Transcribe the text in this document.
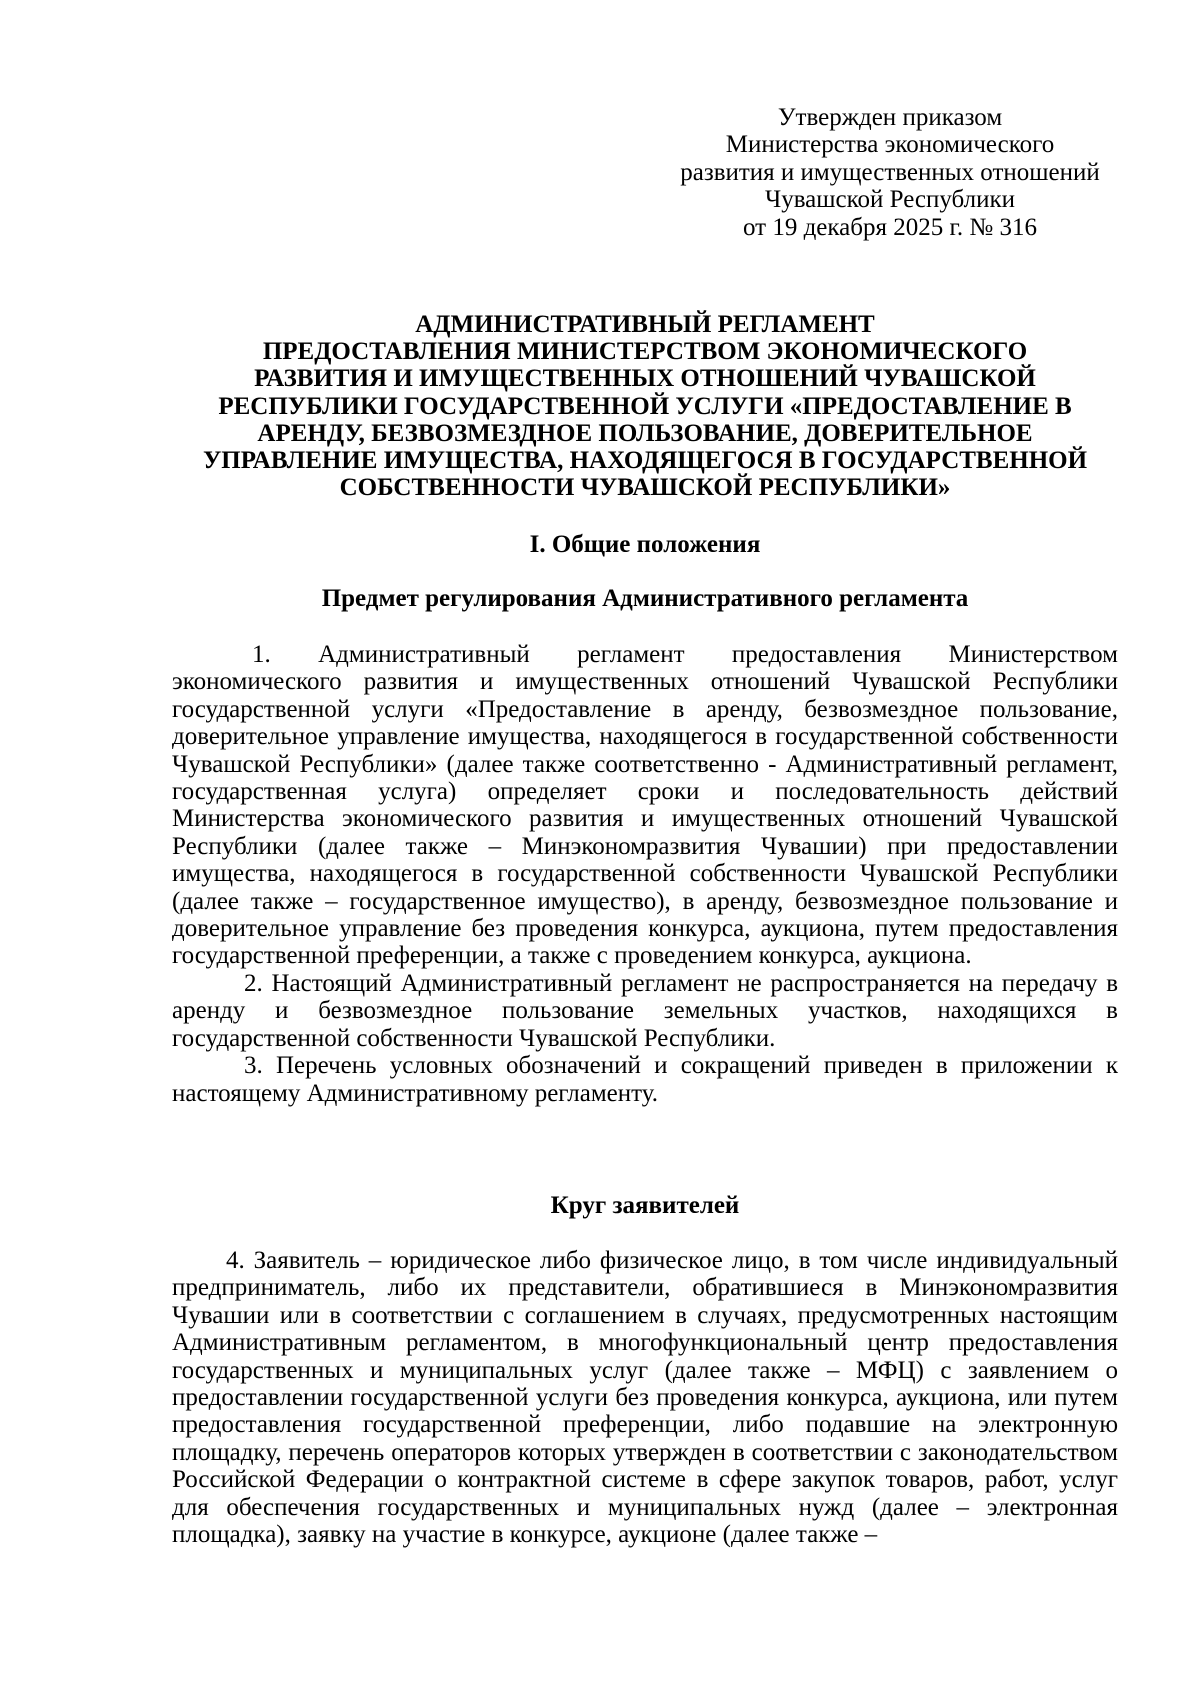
Утвержден приказом
Министерства экономического
развития и имущественных отношений
Чувашской Республики
от 19 декабря 2025 г. № 316
АДМИНИСТРАТИВНЫЙ РЕГЛАМЕНТ
ПРЕДОСТАВЛЕНИЯ МИНИСТЕРСТВОМ ЭКОНОМИЧЕСКОГО
РАЗВИТИЯ И ИМУЩЕСТВЕННЫХ ОТНОШЕНИЙ ЧУВАШСКОЙ
РЕСПУБЛИКИ ГОСУДАРСТВЕННОЙ УСЛУГИ «ПРЕДОСТАВЛЕНИЕ В
АРЕНДУ, БЕЗВОЗМЕЗДНОЕ ПОЛЬЗОВАНИЕ, ДОВЕРИТЕЛЬНОЕ
УПРАВЛЕНИЕ ИМУЩЕСТВА, НАХОДЯЩЕГОСЯ В ГОСУДАРСТВЕННОЙ
СОБСТВЕННОСТИ ЧУВАШСКОЙ РЕСПУБЛИКИ»
I. Общие положения
Предмет регулирования Административного регламента

1. Административный регламент предоставления Министерством экономического развития и имущественных отношений Чувашской Республики государственной услуги «Предоставление в аренду, безвозмездное пользование, доверительное управление имущества, находящегося в государственной собственности Чувашской Республики» (далее также соответственно - Административный регламент, государственная услуга) определяет сроки и последовательность действий Министерства экономического развития и имущественных отношений Чувашской Республики (далее также – Минэкономразвития Чувашии) при предоставлении имущества, находящегося в государственной собственности Чувашской Республики (далее также – государственное имущество), в аренду, безвозмездное пользование и доверительное управление без проведения конкурса, аукциона, путем предоставления государственной преференции, а также с проведением конкурса, аукциона.

2. Настоящий Административный регламент не распространяется на передачу в аренду и безвозмездное пользование земельных участков, находящихся в государственной собственности Чувашской Республики.

3. Перечень условных обозначений и сокращений приведен в приложении к настоящему Административному регламенту.

Круг заявителей

4. Заявитель – юридическое либо физическое лицо, в том числе индивидуальный предприниматель, либо их представители, обратившиеся в Минэкономразвития Чувашии или в соответствии с соглашением в случаях, предусмотренных настоящим Административным регламентом, в многофункциональный центр предоставления государственных и муниципальных услуг (далее также – МФЦ) с заявлением о предоставлении государственной услуги без проведения конкурса, аукциона, или путем предоставления государственной преференции, либо подавшие на электронную площадку, перечень операторов которых утвержден в соответствии с законодательством Российской Федерации о контрактной системе в сфере закупок товаров, работ, услуг для обеспечения государственных и муниципальных нужд (далее – электронная площадка), заявку на участие в конкурсе, аукционе (далее также –
